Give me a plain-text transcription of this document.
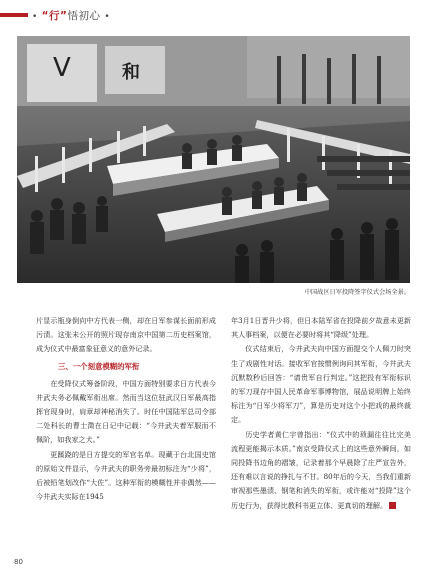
• “行”悟初心 •
V	和
中国战区日军投降签字仪式会场全景。

片显示瓶身倒向中方代表一侧，却在日军参谋长面前形成污渍。这张未公开的照片现存南京中国第二历史档案馆，成为仪式中最富象征意义的意外记录。

三、一个刻意模糊的军衔

在受降仪式筹备阶段，中国方面特别要求日方代表今井武夫务必佩戴军衔出席。然而当这位驻武汉日军最高指挥官现身时，肩章却神秘消失了。时任中国陆军总司令部二处科长的曹士澂在日记中记载：“今井武夫着军服而不佩阶，如我家之犬。”

更蹊跷的是日方提交的军官名单。现藏于台北国史馆的原始文件显示，今井武夫的职务旁最初标注为“少将”，后被铅笔划改作“大佐”。这种军衔的模糊性并非偶然——今井武夫实际在1945

年3月1日晋升少将，但日本陆军省在投降前夕故意未更新其人事档案，以便在必要时将其“降级”处理。

仪式结束后，今井武夫向中国方面提交个人佩刀时突生了戏剧性对话。接收军官按惯例询问其军衔，今井武夫沉默数秒后回答：“请贵军自行判定。”这把投有军衔标识的军刀现存中国人民革命军事博物馆，展品说明牌上始终标注为“日军少将军刀”，算是历史对这个小把戏的最终裁定。

历史学者黄仁宇曾指出：“仪式中的琐漏往往比完美流程更能揭示本质。”南京受降仪式上的这些意外瞬间，如同投降书边角的褶皱，记录着那个早晨除了庄严宣告外，还有难以言说的挣扎与不甘。80年后的今天，当我们重新审视那些墨渍、钢笔和消失的军衔，或许能对“投降”这个历史行为，获得比教科书更立体、更真切的理解。

80
